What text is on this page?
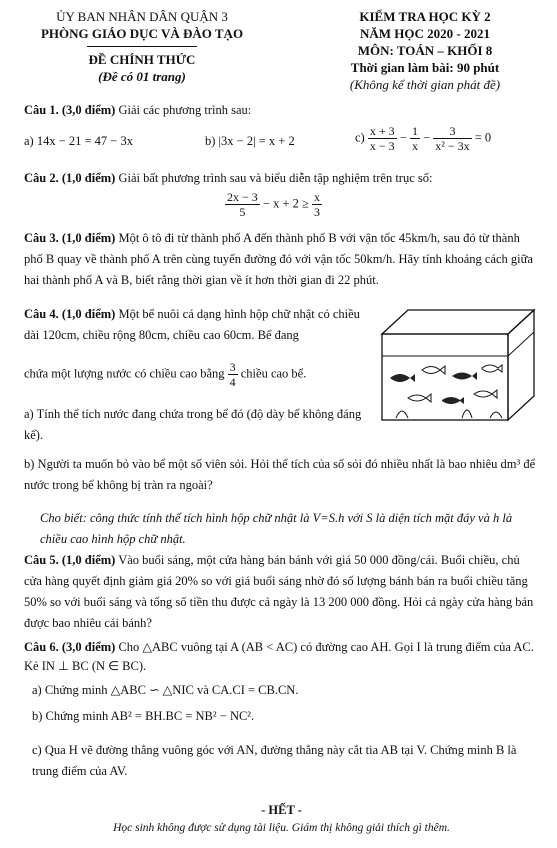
ỦY BAN NHÂN DÂN QUẬN 3
PHÒNG GIÁO DỤC VÀ ĐÀO TẠO
ĐỀ CHÍNH THỨC
(Đề có 01 trang)
KIỂM TRA HỌC KỲ 2
NĂM HỌC 2020 - 2021
MÔN: TOÁN – KHỐI 8
Thời gian làm bài: 90 phút
(Không kể thời gian phát đề)
Câu 1. (3,0 điểm) Giải các phương trình sau:
a) 14x − 21 = 47 − 3x	b) |3x − 2| = x + 2	$c) \frac{x + 3}{x - 3} - \frac{1}{x} - \frac{3}{\text{x² − 3x}} = 0$
Câu 2. (1,0 điểm) Giải bất phương trình sau và biểu diễn tập nghiệm trên trục số:
$\frac{2x - 3}{5} - x + 2 \ge \frac{x}{3}$
Câu 3. (1,0 điểm) Một ô tô đi từ thành phố A đến thành phố B với vận tốc 45km/h, sau đó từ thành phố B quay về thành phố A trên cùng tuyến đường đó với vận tốc 50km/h. Hãy tính khoảng cách giữa hai thành phố A và B, biết rằng thời gian về ít hơn thời gian đi 22 phút.
Câu 4. (1,0 điểm) Một bể nuôi cá dạng hình hộp chữ nhật có chiều dài 120cm, chiều rộng 80cm, chiều cao 60cm. Bể đang
chứa một lượng nước có chiều cao bằng $\frac{3}{4}$ chiều cao bể.
a) Tính thể tích nước đang chứa trong bể đó (độ dày bể không đáng kể).
b) Người ta muốn bỏ vào bể một số viên sỏi. Hỏi thể tích của số sỏi đó nhiều nhất là bao nhiêu dm³ để nước trong bể không bị tràn ra ngoài?
Cho biết: công thức tính thể tích hình hộp chữ nhật là V=S.h với S là diện tích mặt đáy và h là chiều cao hình hộp chữ nhật.
Câu 5. (1,0 điểm) Vào buổi sáng, một cửa hàng bán bánh với giá 50 000 đồng/cái. Buổi chiều, chủ cửa hàng quyết định giảm giá 20% so với giá buổi sáng nhờ đó số lượng bánh bán ra buổi chiều tăng 50% so với buổi sáng và tổng số tiền thu được cả ngày là 13 200 000 đồng. Hỏi cả ngày cửa hàng bán được bao nhiêu cái bánh?
Câu 6. (3,0 điểm) Cho △ABC vuông tại A (AB < AC) có đường cao AH. Gọi I là trung điểm của AC. Kẻ IN ⊥ BC (N ∈ BC).
a) Chứng minh △ABC ∽ △NIC và CA.CI = CB.CN.
b) Chứng minh AB² = BH.BC = NB² − NC².
c) Qua H vẽ đường thẳng vuông góc với AN, đường thẳng này cắt tia AB tại V. Chứng minh B là trung điểm của AV.
- HẾT -
Học sinh không được sử dụng tài liệu. Giám thị không giải thích gì thêm.
